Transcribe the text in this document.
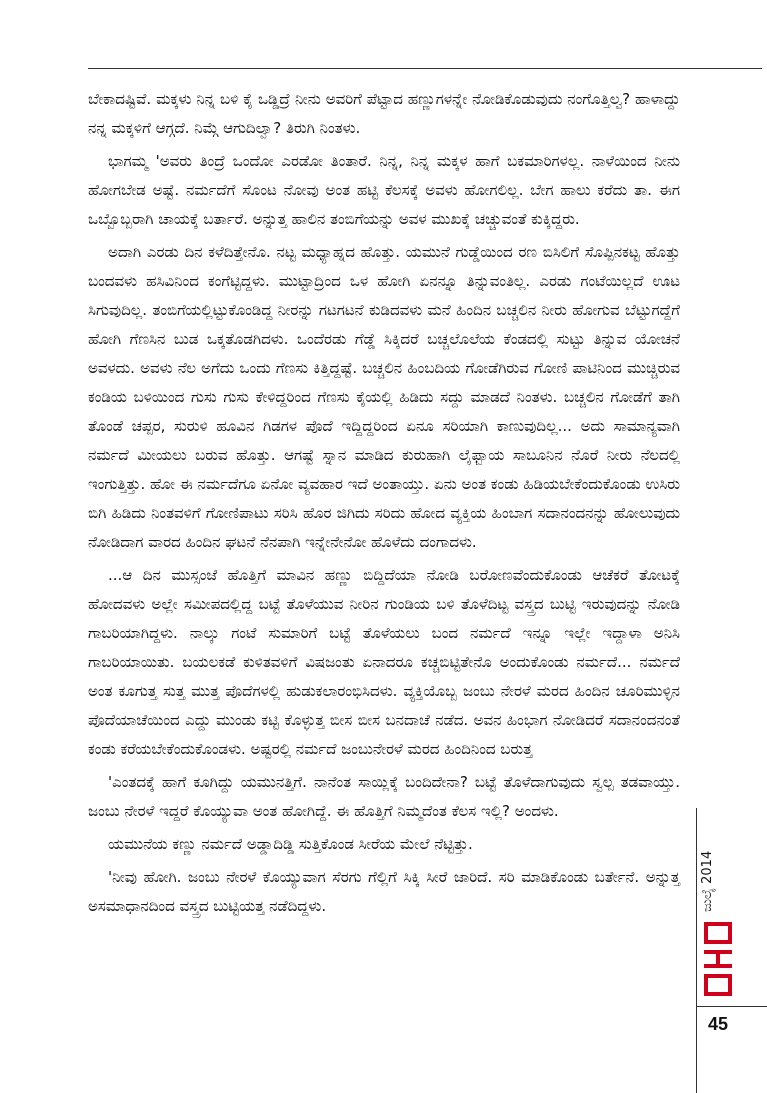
ಬೇಕಾದಷ್ಟಿವೆ. ಮಕ್ಕಳು ನಿನ್ನ ಬಳಿ ಕೈ ಒಡ್ಡಿದ್ರೆ ನೀನು ಅವರಿಗೆ ಪೆಟ್ಟಾದ ಹಣ್ಣುಗಳನ್ನೇ ನೋಡಿಕೊಡುವುದು ನಂಗೊತ್ತಿಲ್ವ? ಹಾಳಾದ್ದು ನನ್ನ ಮಕ್ಕಳಿಗೆ ಆಗ್ಗದೆ. ನಿಮ್ಗೆ ಆಗುದಿಲ್ವಾ? ತಿರುಗಿ ನಿಂತಳು.

ಭಾಗಮ್ಮ 'ಅವರು ತಿಂದ್ರೆ ಒಂದೋ ಎರಡೋ ತಿಂತಾರೆ. ನಿನ್ನ, ನಿನ್ನ ಮಕ್ಕಳ ಹಾಗೆ ಬಕಮಾರಿಗಳಲ್ಲ. ನಾಳೆಯಿಂದ ನೀನು ಹೋಗಬೇಡ ಅಷ್ಟೆ. ನರ್ಮದೆಗೆ ಸೊಂಟ ನೋವು ಅಂತ ಹಟ್ಟಿ ಕೆಲಸಕ್ಕೆ ಅವಳು ಹೋಗಲಿಲ್ಲ. ಬೇಗ ಹಾಲು ಕರೆದು ತಾ. ಈಗ ಒಬ್ಬೊಬ್ಬರಾಗಿ ಚಾಯಕ್ಕೆ ಬರ್ತಾರೆ. ಅನ್ನುತ್ತ ಹಾಲಿನ ತಂಬಿಗೆಯನ್ನು ಅವಳ ಮುಖಕ್ಕೆ ಚಚ್ಚುವಂತೆ ಕುಕ್ಕಿದ್ದರು.

ಅದಾಗಿ ಎರಡು ದಿನ ಕಳೆದಿತ್ತೇನೊ. ನಟ್ಟ ಮಧ್ಯಾಹ್ನದ ಹೊತ್ತು. ಯಮುನೆ ಗುಡ್ಡೆಯಿಂದ ರಣ ಬಿಸಿಲಿಗೆ ಸೊಪ್ಪಿನಕಟ್ಟ ಹೊತ್ತು ಬಂದವಳು ಹಸಿವಿನಿಂದ ಕಂಗೆಟ್ಟಿದ್ದಳು. ಮುಟ್ಟಾದ್ರಿಂದ ಒಳ ಹೋಗಿ ಏನನ್ನೂ ತಿನ್ನುವಂತಿಲ್ಲ. ಎರಡು ಗಂಟೆಯಿಲ್ಲದೆ ಊಟ ಸಿಗುವುದಿಲ್ಲ. ತಂಬಿಗೆಯಲ್ಲಿಟ್ಟುಕೊಂಡಿದ್ದ ನೀರನ್ನು ಗಟಗಟನೆ ಕುಡಿದವಳು ಮನೆ ಹಿಂದಿನ ಬಚ್ಚಲಿನ ನೀರು ಹೋಗುವ ಬೆಟ್ಟುಗದ್ದೆಗೆ ಹೋಗಿ ಗೆಣಸಿನ ಬುಡ ಒಕ್ಕತೊಡಗಿದಳು. ಒಂದೆರಡು ಗೆಡ್ಡೆ ಸಿಕ್ಕಿದರೆ ಬಚ್ಚಲೊಲೆಯ ಕೆಂಡದಲ್ಲಿ ಸುಟ್ಟು ತಿನ್ನುವ ಯೋಚನೆ ಅವಳದು. ಅವಳು ನೆಲ ಅಗೆದು ಒಂದು ಗೆಣಸು ಕಿತ್ತಿದ್ದಷ್ಟೆ. ಬಚ್ಚಲಿನ ಹಿಂಬದಿಯ ಗೋಡೆಗಿರುವ ಗೋಣಿ ಪಾಟಿನಿಂದ ಮುಚ್ಚಿರುವ ಕಂಡಿಯ ಬಳಿಯಿಂದ ಗುಸು ಗುಸು ಕೇಳಿದ್ದರಿಂದ ಗೆಣಸು ಕೈಯಲ್ಲಿ ಹಿಡಿದು ಸದ್ದು ಮಾಡದೆ ನಿಂತಳು. ಬಚ್ಚಲಿನ ಗೋಡೆಗೆ ತಾಗಿ ತೊಂಡೆ ಚಪ್ಪರ, ಸುರುಳಿ ಹೂವಿನ ಗಿಡಗಳ ಪೊದೆ ಇದ್ದಿದ್ದರಿಂದ ಏನೂ ಸರಿಯಾಗಿ ಕಾಣುವುದಿಲ್ಲ... ಅದು ಸಾಮಾನ್ಯವಾಗಿ ನರ್ಮದೆ ಮೀಯಲು ಬರುವ ಹೊತ್ತು. ಆಗಷ್ಟೆ ಸ್ನಾನ ಮಾಡಿದ ಕುರುಹಾಗಿ ಲೈಫ್ಬಾಯ ಸಾಬೂನಿನ ನೊರೆ ನೀರು ನೆಲದಲ್ಲಿ ಇಂಗುತ್ತಿತ್ತು. ಹೋ ಈ ನರ್ಮದೆಗೂ ಏನೋ ವ್ಯವಹಾರ ಇದೆ ಅಂತಾಯ್ತು. ಏನು ಅಂತ ಕಂಡು ಹಿಡಿಯಬೇಕೆಂದುಕೊಂಡು ಉಸಿರು ಬಿಗಿ ಹಿಡಿದು ನಿಂತವಳಿಗೆ ಗೋಣಿಪಾಟು ಸರಿಸಿ ಹೊರ ಜಿಗಿದು ಸರಿದು ಹೋದ ವ್ಯಕ್ತಿಯ ಹಿಂಬಾಗ ಸದಾನಂದನನ್ನು ಹೋಲುವುದು ನೋಡಿದಾಗ ವಾರದ ಹಿಂದಿನ ಘಟನೆ ನೆನಪಾಗಿ ಇನ್ನೇನೇನೋ ಹೊಳೆದು ದಂಗಾದಳು.

...ಆ ದಿನ ಮುಸ್ಸಂಜೆ ಹೊತ್ತಿಗೆ ಮಾವಿನ ಹಣ್ಣು ಬಿದ್ದಿದೆಯಾ ನೋಡಿ ಬರೋಣವೆಂದುಕೊಂಡು ಆಚೆಕರೆ ತೋಟಕ್ಕೆ ಹೋದವಳು ಅಲ್ಲೇ ಸಮೀಪದಲ್ಲಿದ್ದ ಬಟ್ಟೆ ತೊಳೆಯುವ ನೀರಿನ ಗುಂಡಿಯ ಬಳಿ ತೊಳೆದಿಟ್ಟ ವಸ್ತ್ರದ ಬುಟ್ಟಿ ಇರುವುದನ್ನು ನೋಡಿ ಗಾಬರಿಯಾಗಿದ್ದಳು. ನಾಲ್ಕು ಗಂಟೆ ಸುಮಾರಿಗೆ ಬಟ್ಟೆ ತೊಳೆಯಲು ಬಂದ ನರ್ಮದೆ ಇನ್ನೂ ಇಲ್ಲೇ ಇದ್ದಾಳಾ ಅನಿಸಿ ಗಾಬರಿಯಾಯಿತು. ಬಯಲಕಡೆ ಕುಳಿತವಳಿಗೆ ವಿಷಜಂತು ಏನಾದರೂ ಕಚ್ಚಬಿಟ್ಟಿತೇನೊ ಅಂದುಕೊಂಡು ನರ್ಮದೆ... ನರ್ಮದೆ ಅಂತ ಕೂಗುತ್ತ ಸುತ್ತ ಮುತ್ತ ಪೊದೆಗಳಲ್ಲಿ ಹುಡುಕಲಾರಂಭಿಸಿದಳು. ವ್ಯಕ್ತಿಯೊಬ್ಬ ಜಂಬು ನೇರಳೆ ಮರದ ಹಿಂದಿನ ಚೂರಿಮುಳ್ಳಿನ ಪೊದೆಯಾಚೆಯಿಂದ ಎದ್ದು ಮುಂಡು ಕಟ್ಟಿ ಕೊಳ್ಳುತ್ತ ಬೀಸ ಬೀಸ ಬನದಾಚೆ ನಡೆದ. ಅವನ ಹಿಂಭಾಗ ನೋಡಿದರೆ ಸದಾನಂದನಂತೆ ಕಂಡು ಕರೆಯಬೇಕೆಂದುಕೊಂಡಳು. ಅಷ್ಟರಲ್ಲಿ ನರ್ಮದೆ ಜಂಬುನೇರಳೆ ಮರದ ಹಿಂದಿನಿಂದ ಬರುತ್ತ

'ಎಂತದಕ್ಕೆ ಹಾಗೆ ಕೂಗಿದ್ದು ಯಮುನತ್ತಿಗೆ. ನಾನೆಂತ ಸಾಯ್ಲಿಕ್ಕೆ ಬಂದಿದೇನಾ? ಬಟ್ಟೆ ತೊಳೆದಾಗುವುದು ಸ್ವಲ್ಪ ತಡವಾಯ್ತು. ಜಂಬು ನೇರಳೆ ಇದ್ದರೆ ಕೊಯ್ಯುವಾ ಅಂತ ಹೋಗಿದ್ದೆ. ಈ ಹೊತ್ತಿಗೆ ನಿಮ್ಮದೆಂತ ಕೆಲಸ ಇಲ್ಲಿ? ಅಂದಳು.

ಯಮುನೆಯ ಕಣ್ಣು ನರ್ಮದೆ ಅಡ್ಡಾದಿಡ್ಡಿ ಸುತ್ತಿಕೊಂಡ ಸೀರೆಯ ಮೇಲೆ ನೆಟ್ಟಿತ್ತು.

'ನೀವು ಹೋಗಿ. ಜಂಬು ನೇರಳೆ ಕೊಯ್ಯುವಾಗ ಸೆರಗು ಗೆಲ್ಲಿಗೆ ಸಿಕ್ಕಿ ಸೀರೆ ಜಾರಿದೆ. ಸರಿ ಮಾಡಿಕೊಂಡು ಬರ್ತೇನೆ. ಅನ್ನುತ್ತ ಅಸಮಾಧಾನದಿಂದ ವಸ್ತ್ರದ ಬುಟ್ಟಿಯತ್ತ ನಡೆದಿದ್ದಳು.	ಜುಲೈ 2014
45
